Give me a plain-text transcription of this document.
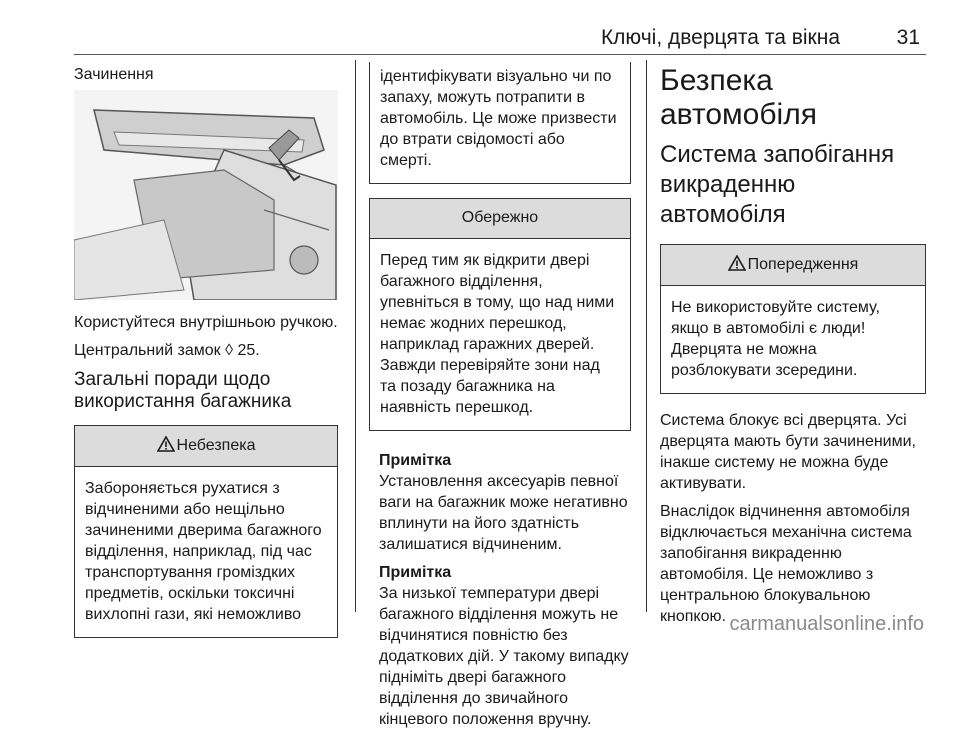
Ключі, дверцята та вікна	31
Зачинення

Користуйтеся внутрішньою ручкою.

Центральний замок ◊ 25.

Загальні поради щодо використання багажника
Небезпека
Забороняється рухатися з відчиненими або нещільно зачиненими дверима багажного відділення, наприклад, під час транспортування громіздких предметів, оскільки токсичні вихлопні гази, які неможливо
ідентифікувати візуально чи по запаху, можуть потрапити в автомобіль. Це може призвести до втрати свідомості або смерті.
Обережно
Перед тим як відкрити двері багажного відділення, упевніться в тому, що над ними немає жодних перешкод, наприклад гаражних дверей. Завжди перевіряйте зони над та позаду багажника на наявність перешкод.
Примітка

Установлення аксесуарів певної ваги на багажник може негативно вплинути на його здатність залишатися відчиненим.

Примітка

За низької температури двері багажного відділення можуть не відчинятися повністю без додаткових дій. У такому випадку підніміть двері багажного відділення до звичайного кінцевого положення вручну.

Безпека автомобіля
Система запобігання викраденню автомобіля
Попередження
Не використовуйте систему, якщо в автомобілі є люди! Дверцята не можна розблокувати зсередини.

Система блокує всі дверцята. Усі дверцята мають бути зачиненими, інакше систему не можна буде активувати.

Внаслідок відчинення автомобіля відключається механічна система запобігання викраденню автомобіля. Це неможливо з центральною блокувальною кнопкою. carmanualsonline.info
